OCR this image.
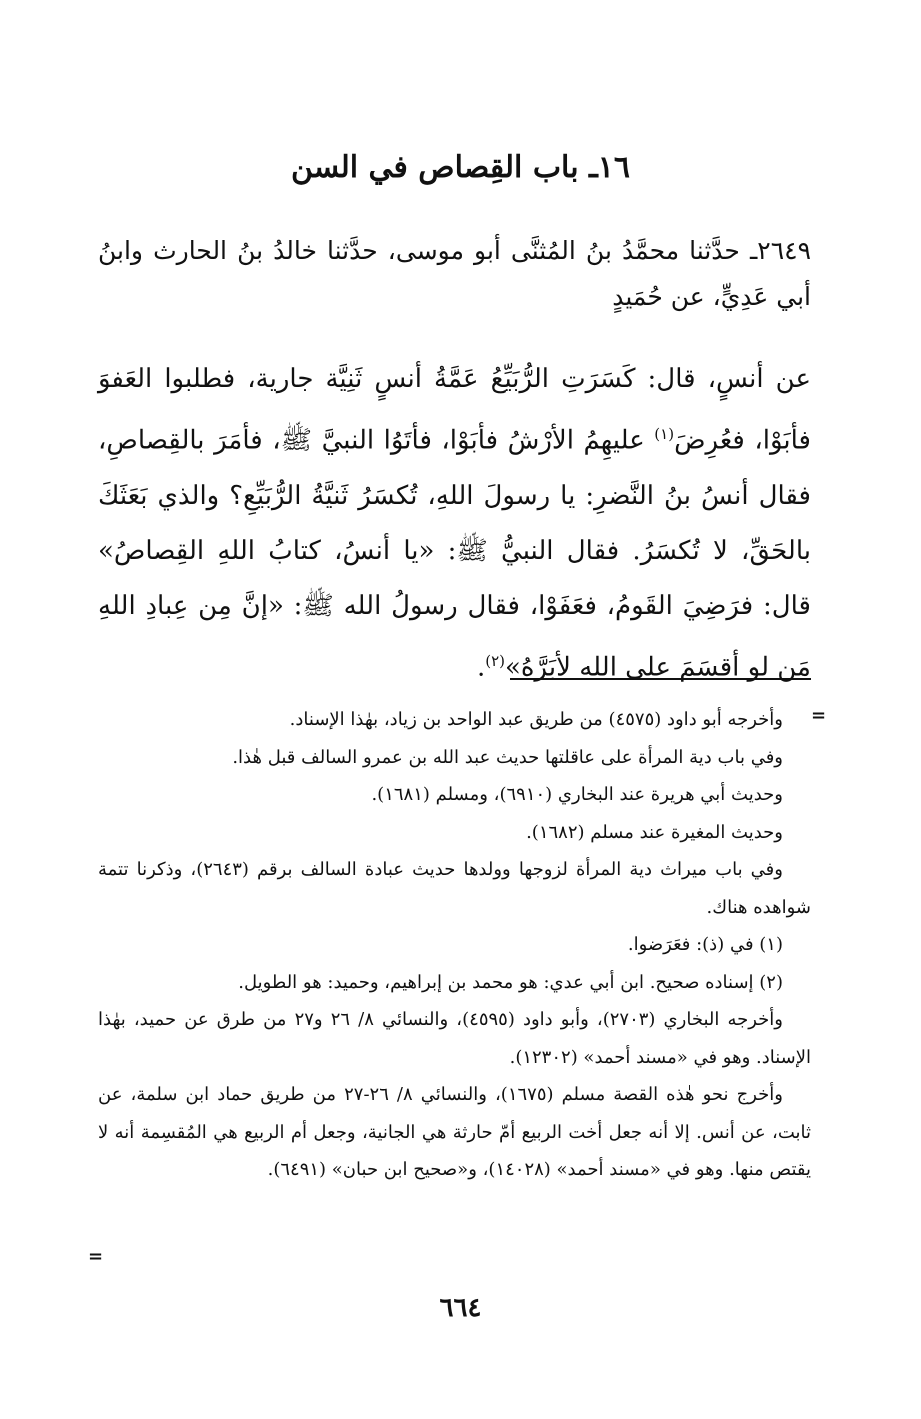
١٦ـ باب القِصاص في السن
٢٦٤٩ـ حدَّثنا محمَّدُ بنُ المُثنَّى أبو موسى، حدَّثنا خالدُ بنُ الحارث وابنُ أبي عَدِيٍّ، عن حُمَيدٍ
عن أنسٍ، قال: كَسَرَتِ الرُّبَيِّعُ عَمَّةُ أنسٍ ثَنِيَّة جارية، فطلبوا العَفوَ فأبَوْا، فعُرِضَ$^{(١)}$ عليهِمُ الأرْشُ فأبَوْا، فأتَوُا النبيَّ ﷺ، فأمَرَ بالقِصاصِ، فقال أنسُ بنُ النَّضرِ: يا رسولَ اللهِ، تُكسَرُ ثَنيَّةُ الرُّبَيِّعِ؟ والذي بَعَثَكَ بالحَقِّ، لا تُكسَرُ. فقال النبيُّ ﷺ: «يا أنسُ، كتابُ اللهِ القِصاصُ» قال: فرَضِيَ القَومُ، فعَفَوْا، فقال رسولُ الله ﷺ: «إنَّ مِن عِبادِ اللهِ مَن لو أقسَمَ على الله لأبَرَّهُ»$^{(٢)}$.
=

وأخرجه أبو داود (٤٥٧٥) من طريق عبد الواحد بن زياد، بهٰذا الإسناد.

وفي باب دية المرأة على عاقلتها حديث عبد الله بن عمرو السالف قبل هٰذا.

وحديث أبي هريرة عند البخاري (٦٩١٠)، ومسلم (١٦٨١).

وحديث المغيرة عند مسلم (١٦٨٢).

وفي باب ميراث دية المرأة لزوجها وولدها حديث عبادة السالف برقم (٢٦٤٣)، وذكرنا تتمة شواهده هناك.

(١) في (ذ): فعَرَضوا.

(٢) إسناده صحيح. ابن أبي عدي: هو محمد بن إبراهيم، وحميد: هو الطويل.

وأخرجه البخاري (٢٧٠٣)، وأبو داود (٤٥٩٥)، والنسائي ٨/ ٢٦ و٢٧ من طرق عن حميد، بهٰذا الإسناد. وهو في «مسند أحمد» (١٢٣٠٢).

وأخرج نحو هٰذه القصة مسلم (١٦٧٥)، والنسائي ٨/ ٢٦-٢٧ من طريق حماد ابن سلمة، عن ثابت، عن أنس. إلا أنه جعل أخت الربيع أمّ حارثة هي الجانية، وجعل أم الربيع هي المُقسِمة أنه لا يقتص منها. وهو في «مسند أحمد» (١٤٠٢٨)، و«صحيح ابن حبان» (٦٤٩١).

=
٦٦٤
